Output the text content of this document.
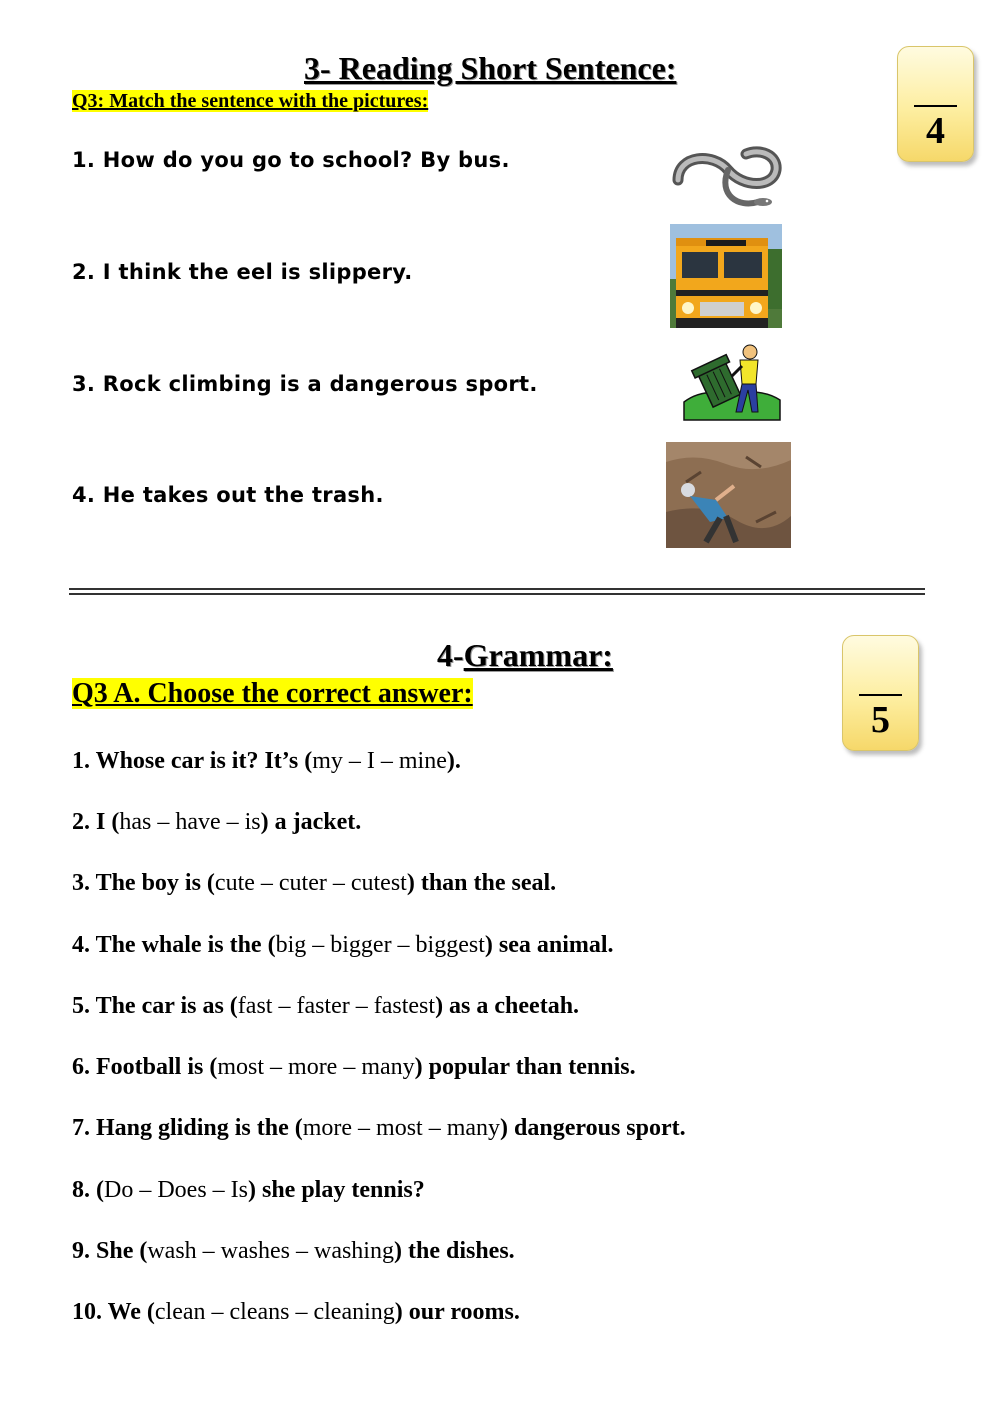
3- Reading Short Sentence:
Q3: Match the sentence with the pictures:
4
1. How do you go to school? By bus.
2. I think the eel is slippery.
3. Rock climbing is a dangerous sport.
4. He takes out the trash.
4-Grammar:
Q3 A. Choose the correct answer:
5
1. Whose car is it? It’s (my – I – mine).
2. I (has – have – is) a jacket.
3. The boy is (cute – cuter – cutest) than the seal.
4. The whale is the (big – bigger – biggest) sea animal.
5. The car is as (fast – faster – fastest) as a cheetah.
6. Football is (most – more – many) popular than tennis.
7. Hang gliding is the (more – most – many) dangerous sport.
8. (Do – Does – Is) she play tennis?
9. She (wash – washes – washing) the dishes.
10. We (clean – cleans – cleaning) our rooms.
